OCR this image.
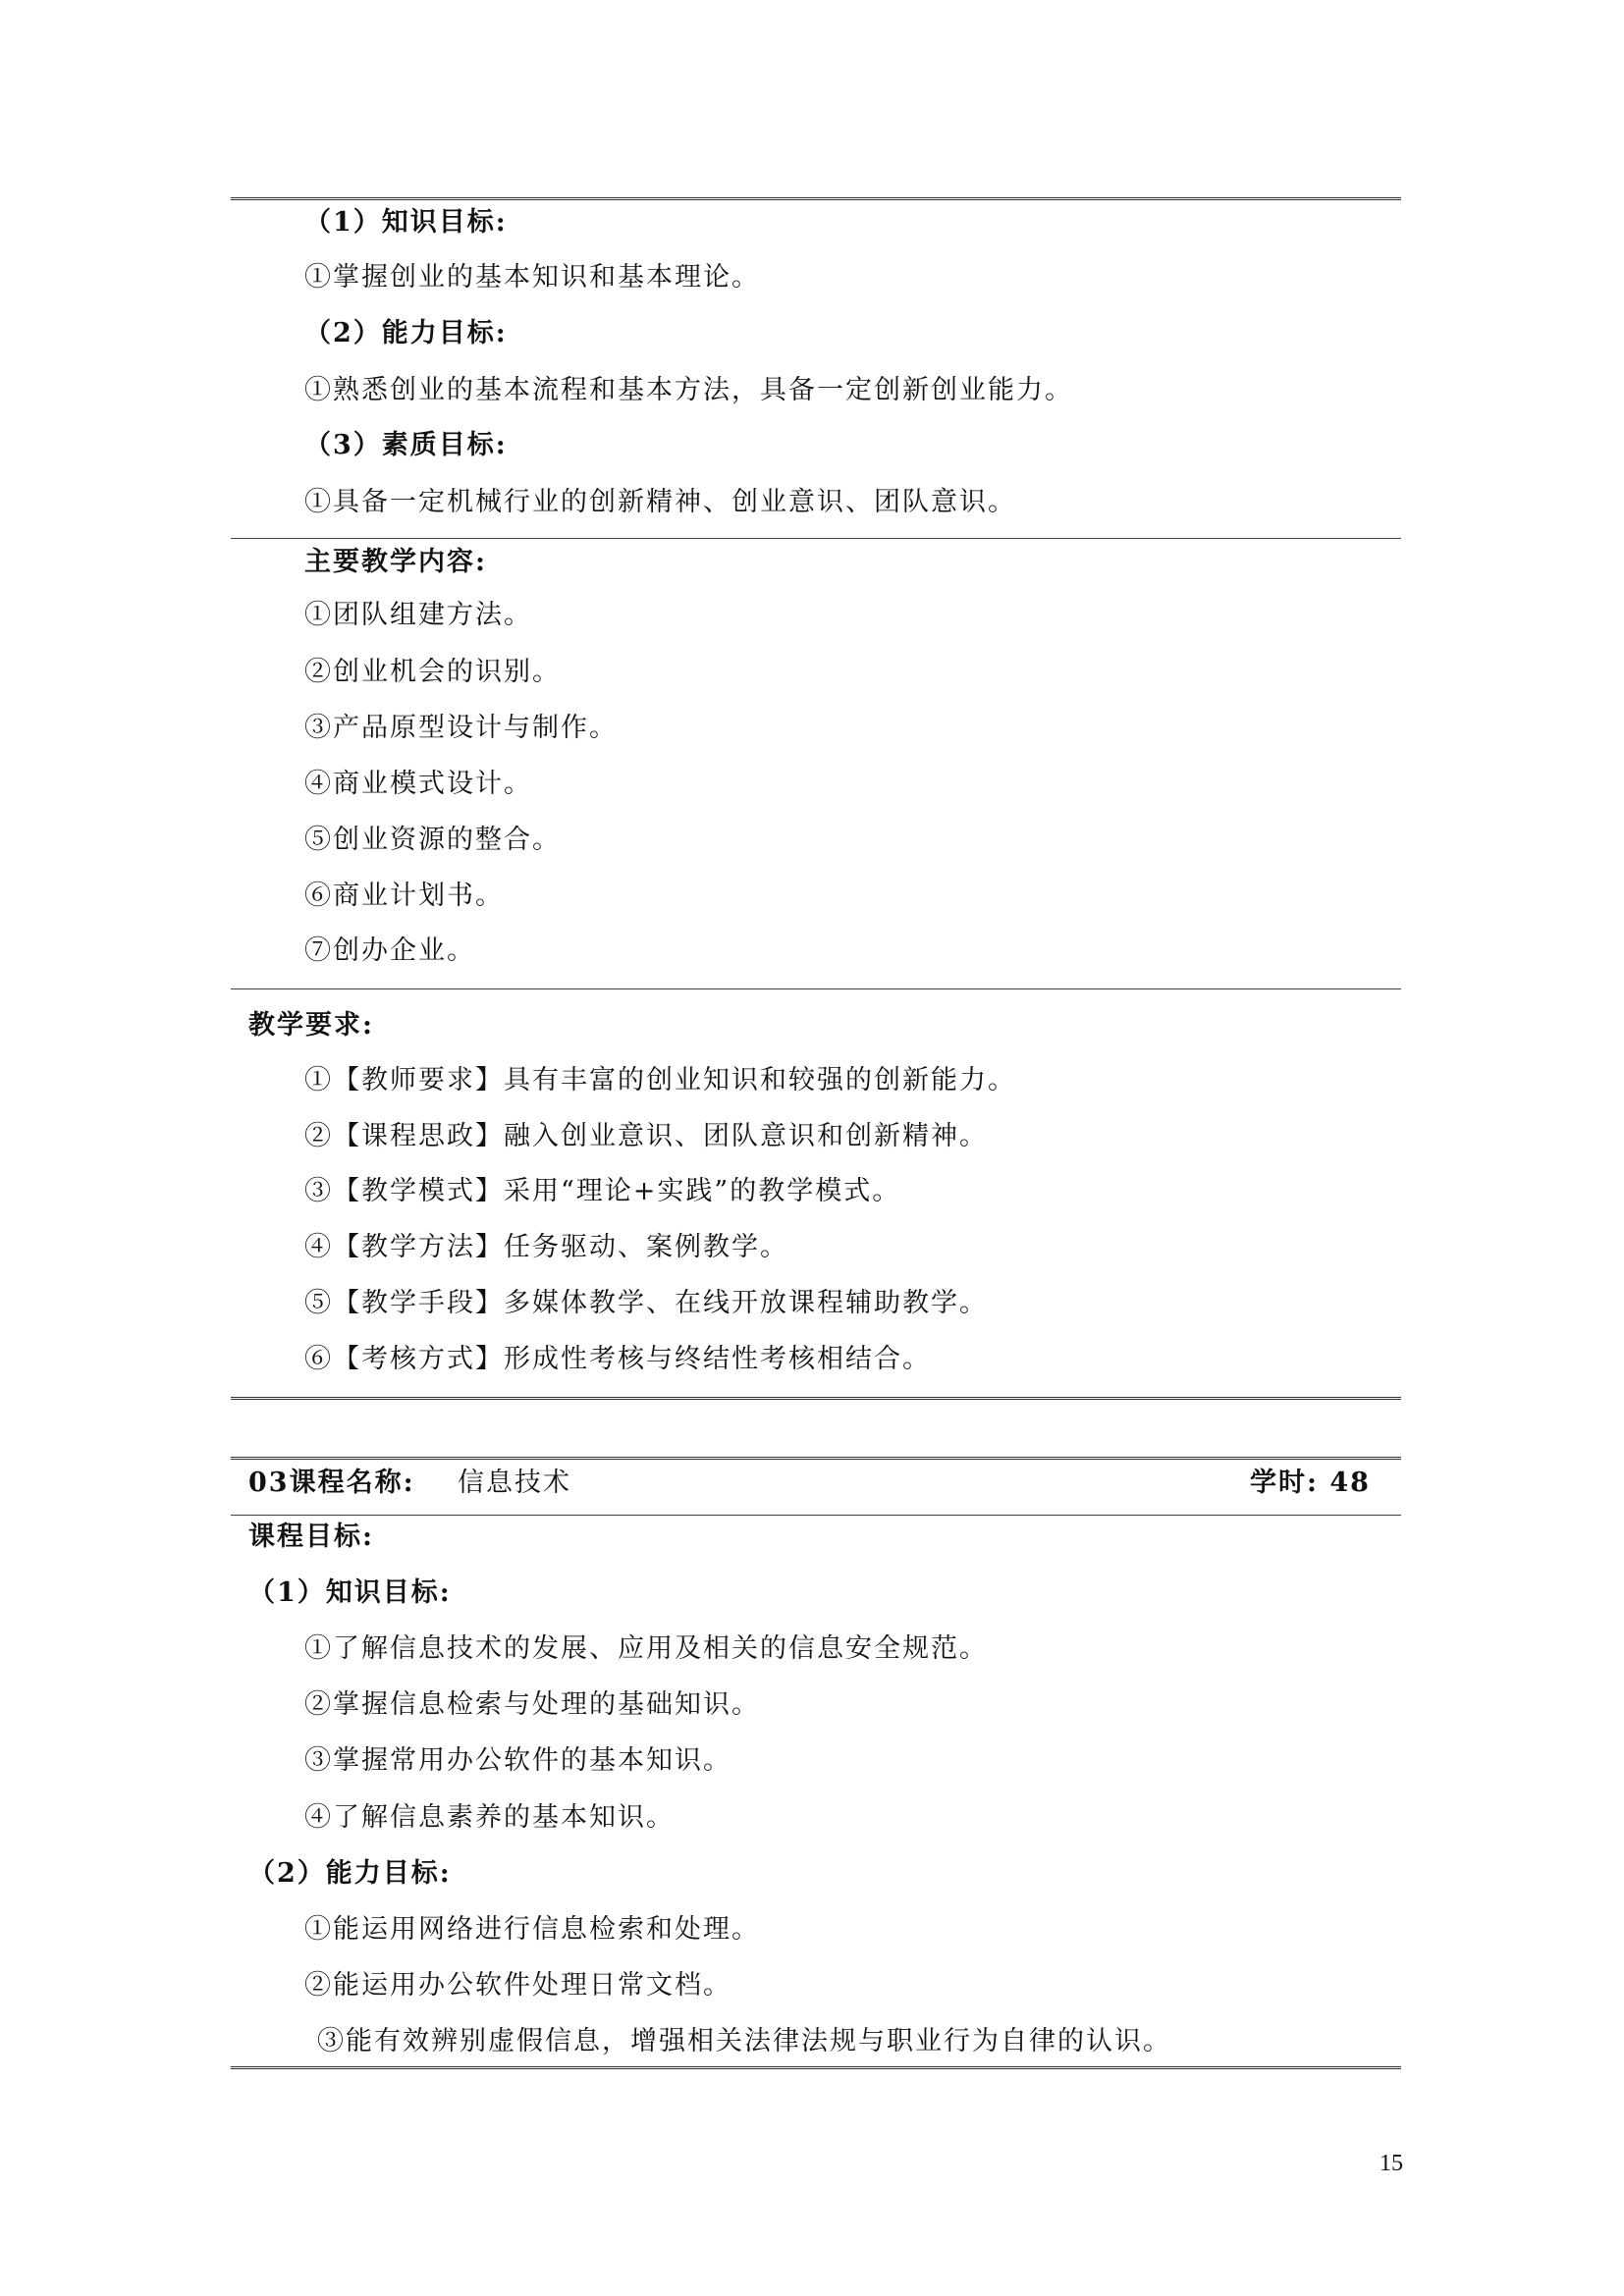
（1）知识目标:
①掌握创业的基本知识和基本理论。
（2）能力目标:
①熟悉创业的基本流程和基本方法，具备一定创新创业能力。
（3）素质目标:
①具备一定机械行业的创新精神、创业意识、团队意识。
主要教学内容:
①团队组建方法。
②创业机会的识别。
③产品原型设计与制作。
④商业模式设计。
⑤创业资源的整合。
⑥商业计划书。
⑦创办企业。
教学要求:
①【教师要求】具有丰富的创业知识和较强的创新能力。
②【课程思政】融入创业意识、团队意识和创新精神。
③【教学模式】采用“理论+实践”的教学模式。
④【教学方法】任务驱动、案例教学。
⑤【教学手段】多媒体教学、在线开放课程辅助教学。
⑥【考核方式】形成性考核与终结性考核相结合。
03课程名称: 信息技术	学时: 48
课程目标:
（1）知识目标:
①了解信息技术的发展、应用及相关的信息安全规范。
②掌握信息检索与处理的基础知识。
③掌握常用办公软件的基本知识。
④了解信息素养的基本知识。
（2）能力目标:
①能运用网络进行信息检索和处理。
②能运用办公软件处理日常文档。
③能有效辨别虚假信息，增强相关法律法规与职业行为自律的认识。
15
